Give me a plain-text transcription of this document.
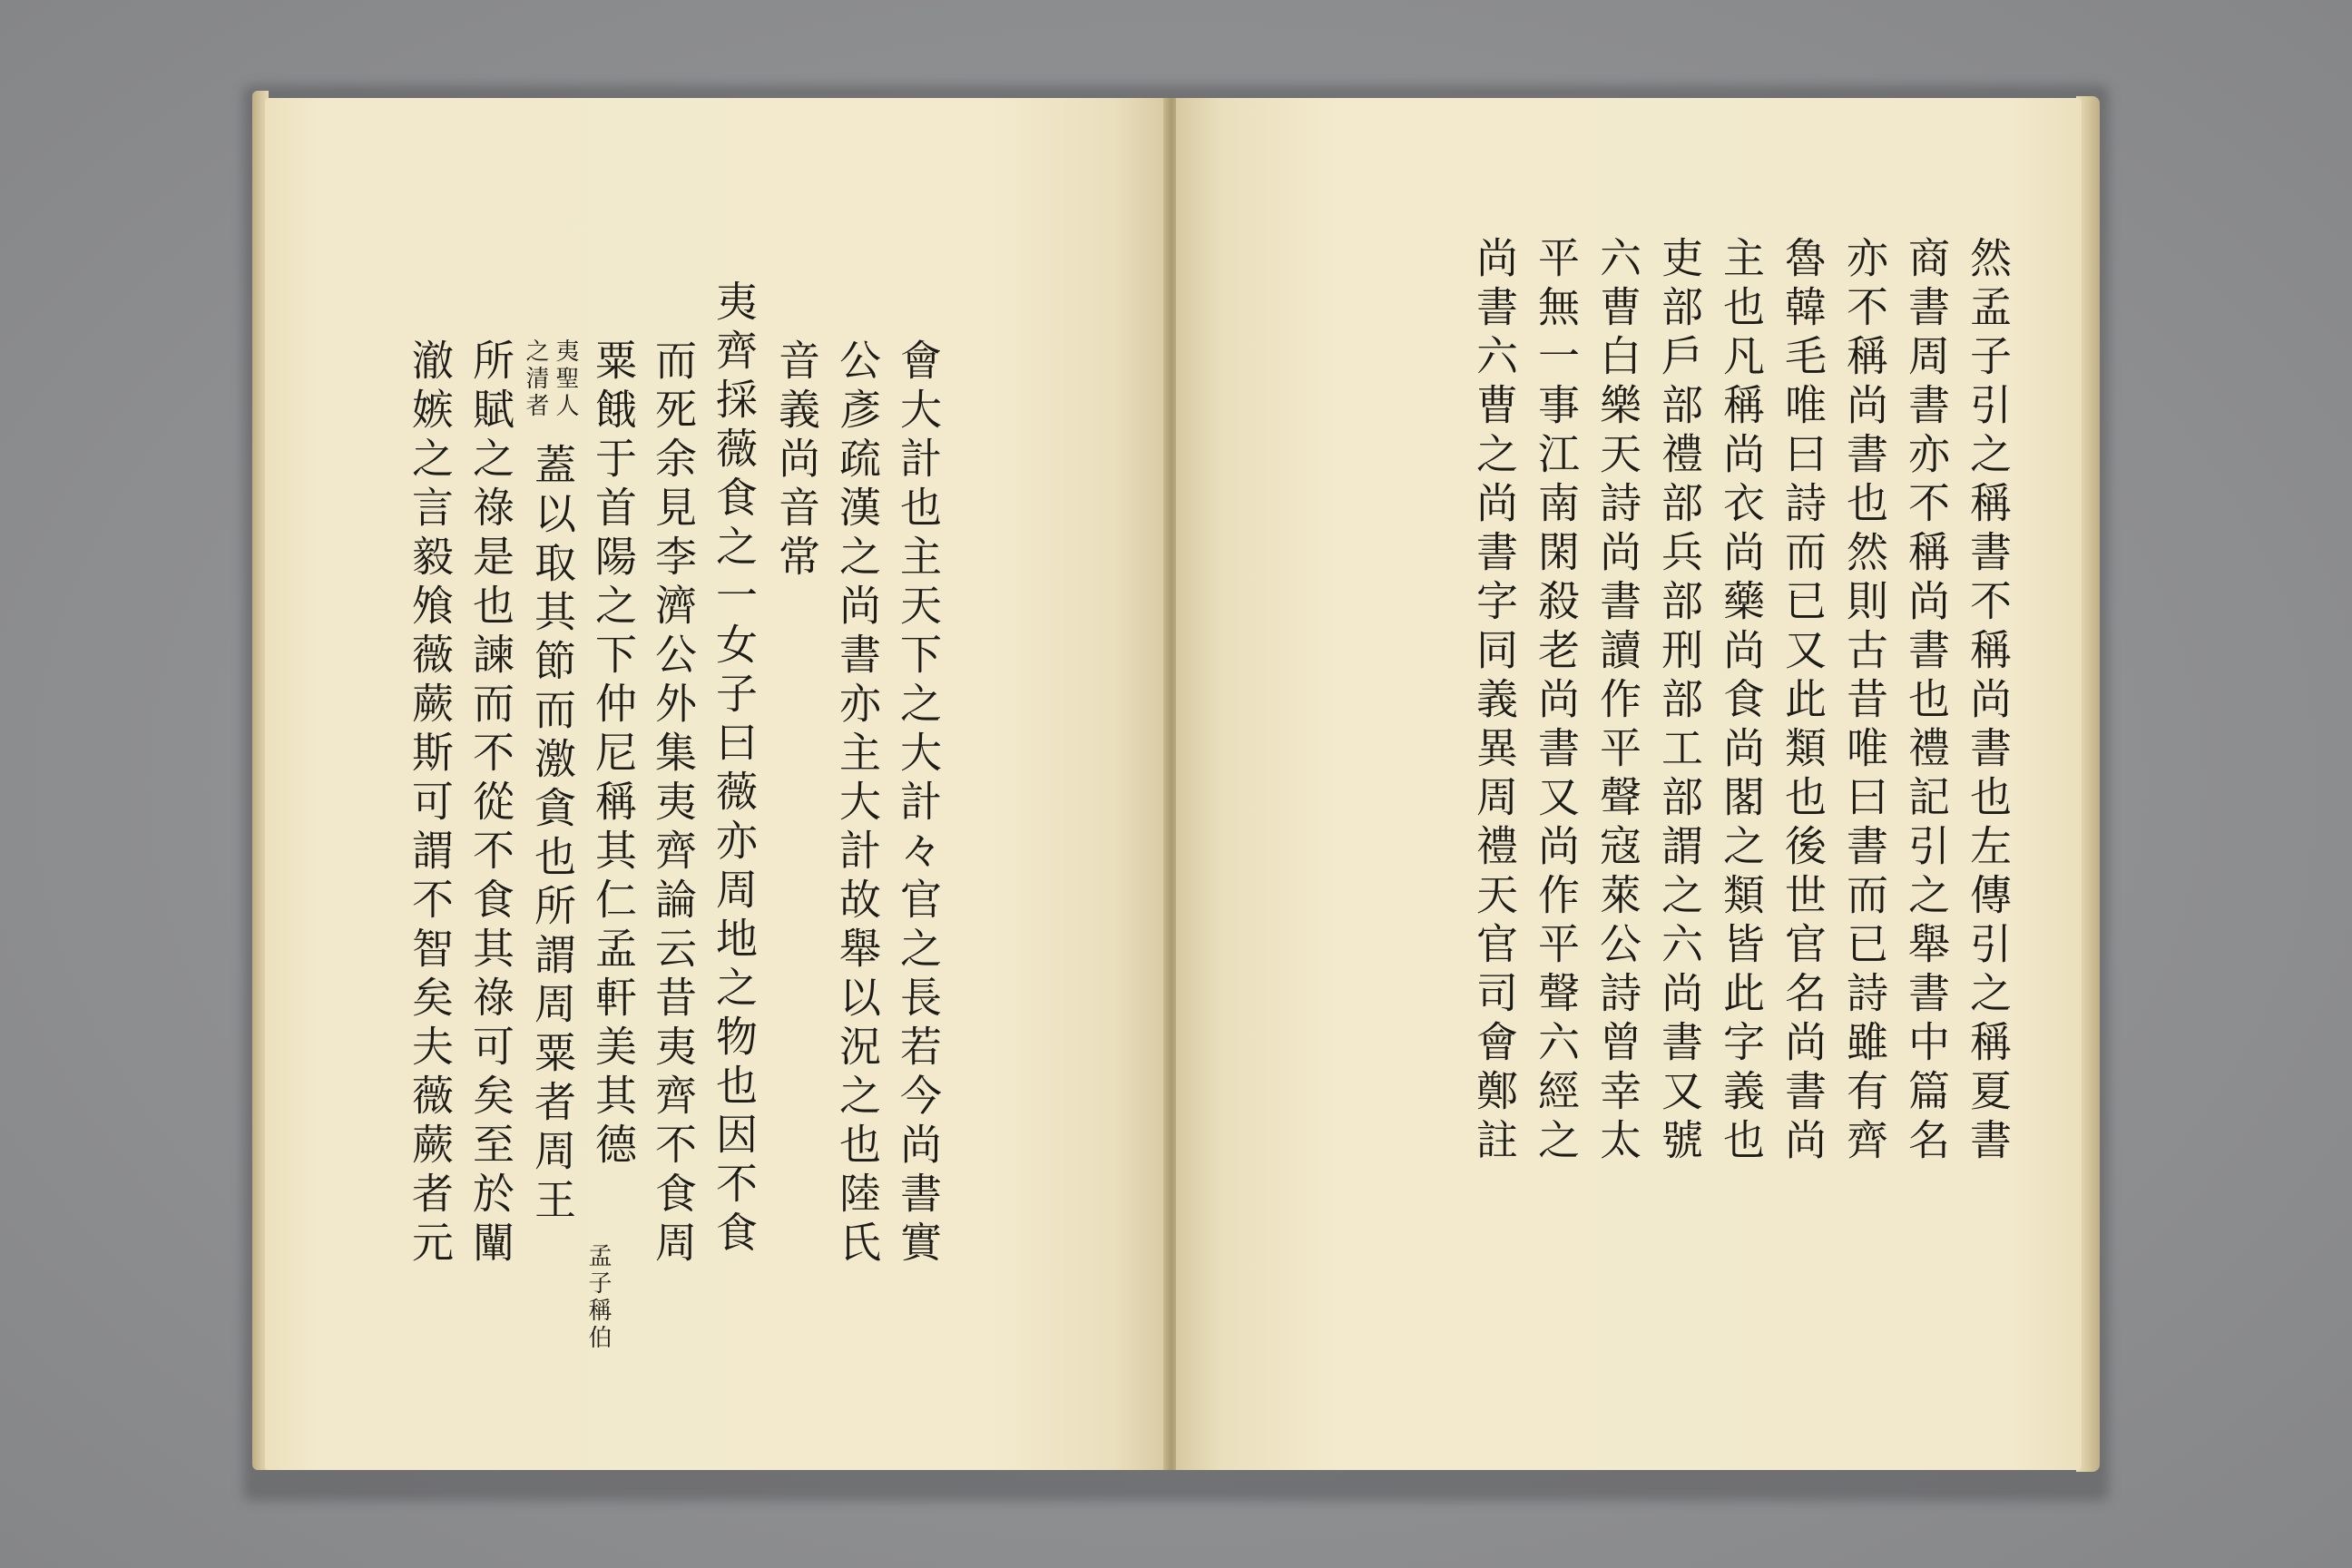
會大計也主天下之大計々官之長若今尚書實
公彥疏漢之尚書亦主大計故舉以況之也陸氏
音義尚音常
夷齊採薇食之一女子曰薇亦周地之物也因不食
而死余見李濟公外集夷齊論云昔夷齊不食周
粟餓于首陽之下仲尼稱其仁孟軒美其德
孟子稱伯
夷聖人
之清者
蓋以取其節而激貪也所謂周粟者周王
所賦之祿是也諫而不從不食其祿可矣至於闡
澈嫉之言毅飧薇蕨斯可謂不智矣夫薇蕨者元	然孟子引之稱書不稱尚書也左傳引之稱夏書
商書周書亦不稱尚書也禮記引之舉書中篇名
亦不稱尚書也然則古昔唯曰書而已詩雖有齊
魯韓毛唯曰詩而已又此類也後世官名尚書尚
主也凡稱尚衣尚藥尚食尚閣之類皆此字義也
吏部戶部禮部兵部刑部工部謂之六尚書又號
六曹白樂天詩尚書讀作平聲寇萊公詩曾幸太
平無一事江南閑殺老尚書又尚作平聲六經之
尚書六曹之尚書字同義異周禮天官司會鄭註
